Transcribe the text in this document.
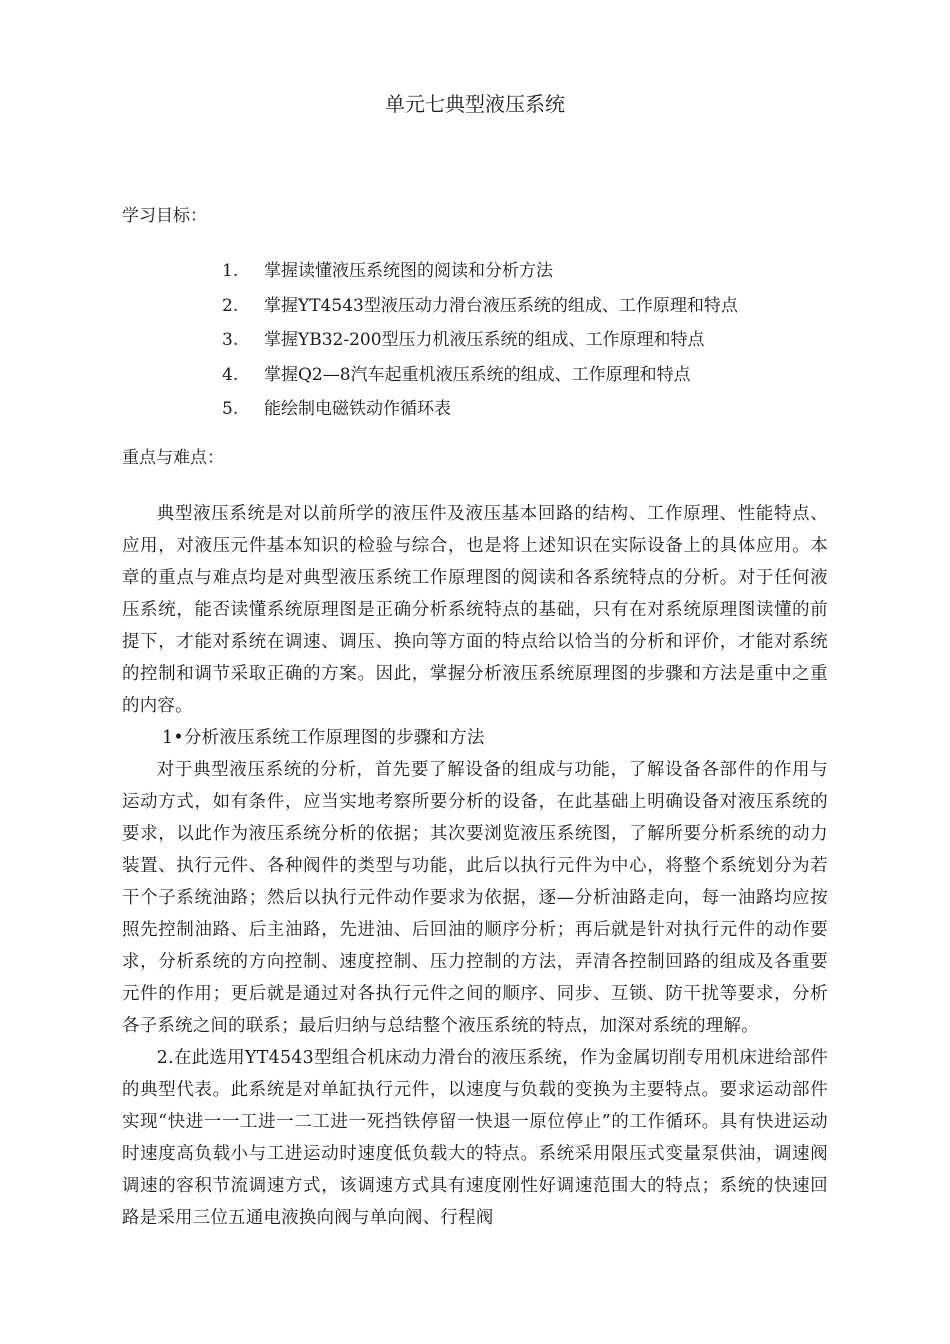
单元七典型液压系统
学习目标：
1. 掌握读懂液压系统图的阅读和分析方法
2. 掌握YT4543型液压动力滑台液压系统的组成、工作原理和特点
3. 掌握YB32-200型压力机液压系统的组成、工作原理和特点
4. 掌握Q2—8汽车起重机液压系统的组成、工作原理和特点
5. 能绘制电磁铁动作循环表
重点与难点：

典型液压系统是对以前所学的液压件及液压基本回路的结构、工作原理、性能特点、应用，对液压元件基本知识的检验与综合，也是将上述知识在实际设备上的具体应用。本章的重点与难点均是对典型液压系统工作原理图的阅读和各系统特点的分析。对于任何液压系统，能否读懂系统原理图是正确分析系统特点的基础，只有在对系统原理图读懂的前提下，才能对系统在调速、调压、换向等方面的特点给以恰当的分析和评价，才能对系统的控制和调节采取正确的方案。因此，掌握分析液压系统原理图的步骤和方法是重中之重的内容。

1•分析液压系统工作原理图的步骤和方法

对于典型液压系统的分析，首先要了解设备的组成与功能，了解设备各部件的作用与运动方式，如有条件，应当实地考察所要分析的设备，在此基础上明确设备对液压系统的要求，以此作为液压系统分析的依据；其次要浏览液压系统图，了解所要分析系统的动力装置、执行元件、各种阀件的类型与功能，此后以执行元件为中心，将整个系统划分为若干个子系统油路；然后以执行元件动作要求为依据，逐—分析油路走向，每一油路均应按照先控制油路、后主油路，先进油、后回油的顺序分析；再后就是针对执行元件的动作要求，分析系统的方向控制、速度控制、压力控制的方法，弄清各控制回路的组成及各重要元件的作用；更后就是通过对各执行元件之间的顺序、同步、互锁、防干扰等要求，分析各子系统之间的联系；最后归纳与总结整个液压系统的特点，加深对系统的理解。

2.在此选用YT4543型组合机床动力滑台的液压系统，作为金属切削专用机床进给部件的典型代表。此系统是对单缸执行元件，以速度与负载的变换为主要特点。要求运动部件实现“快进一一工进一二工进一死挡铁停留一快退一原位停止”的工作循环。具有快进运动时速度高负载小与工进运动时速度低负载大的特点。系统采用限压式变量泵供油，调速阀调速的容积节流调速方式，该调速方式具有速度刚性好调速范围大的特点；系统的快速回路是采用三位五通电液换向阀与单向阀、行程阀
